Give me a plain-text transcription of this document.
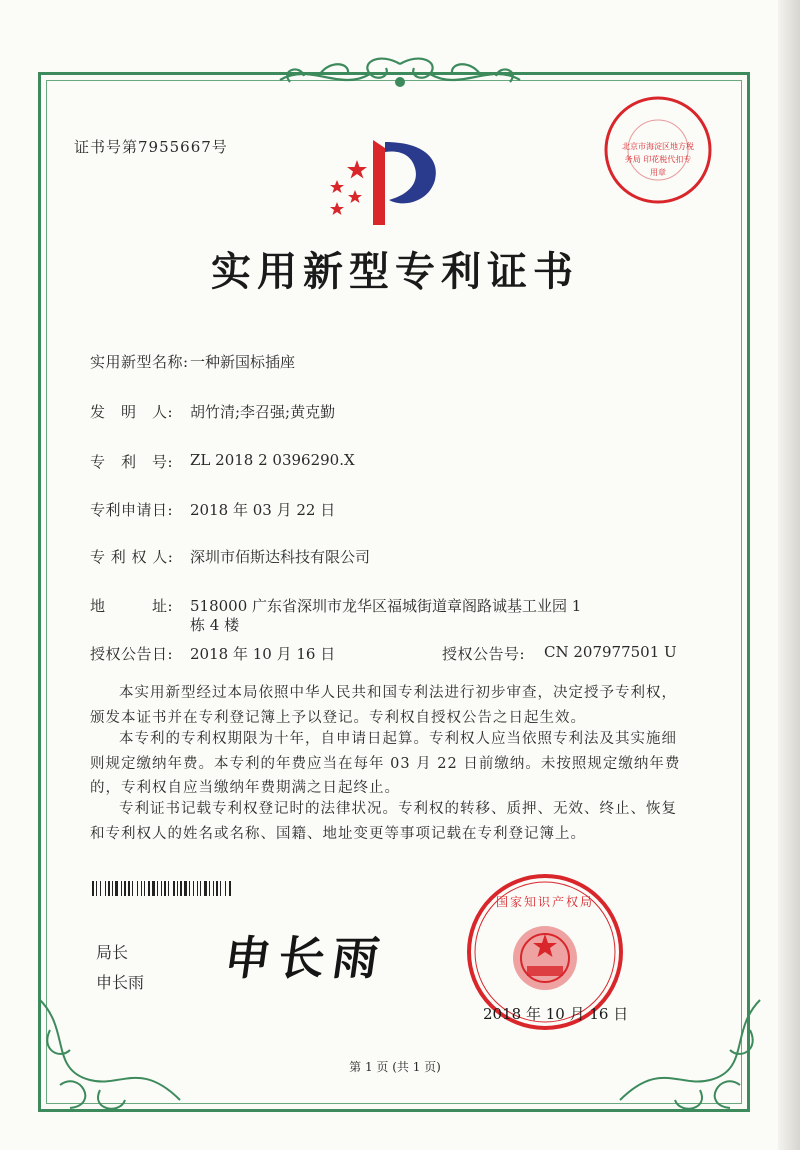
证书号第7955667号	北京市海淀区地方税务局 印花税代扣专用章
实用新型专利证书
实用新型名称: 一种新国标插座
发　明　人: 胡竹清;李召强;黄克勤
专　利　号: ZL 2018 2 0396290.X
专利申请日: 2018 年 03 月 22 日
专 利 权 人: 深圳市佰斯达科技有限公司
地　　　址: 518000 广东省深圳市龙华区福城街道章阁路诚基工业园 1
栋 4 楼
授权公告日: 2018 年 10 月 16 日	授权公告号: CN 207977501 U
本实用新型经过本局依照中华人民共和国专利法进行初步审查，决定授予专利权，颁发本证书并在专利登记簿上予以登记。专利权自授权公告之日起生效。
本专利的专利权期限为十年，自申请日起算。专利权人应当依照专利法及其实施细则规定缴纳年费。本专利的年费应当在每年 03 月 22 日前缴纳。未按照规定缴纳年费的，专利权自应当缴纳年费期满之日起终止。
专利证书记载专利权登记时的法律状况。专利权的转移、质押、无效、终止、恢复和专利权人的姓名或名称、国籍、地址变更等事项记载在专利登记簿上。
局长
申长雨 申长雨
国家知识产权局
2018 年 10 月 16 日
第 1 页 (共 1 页)
